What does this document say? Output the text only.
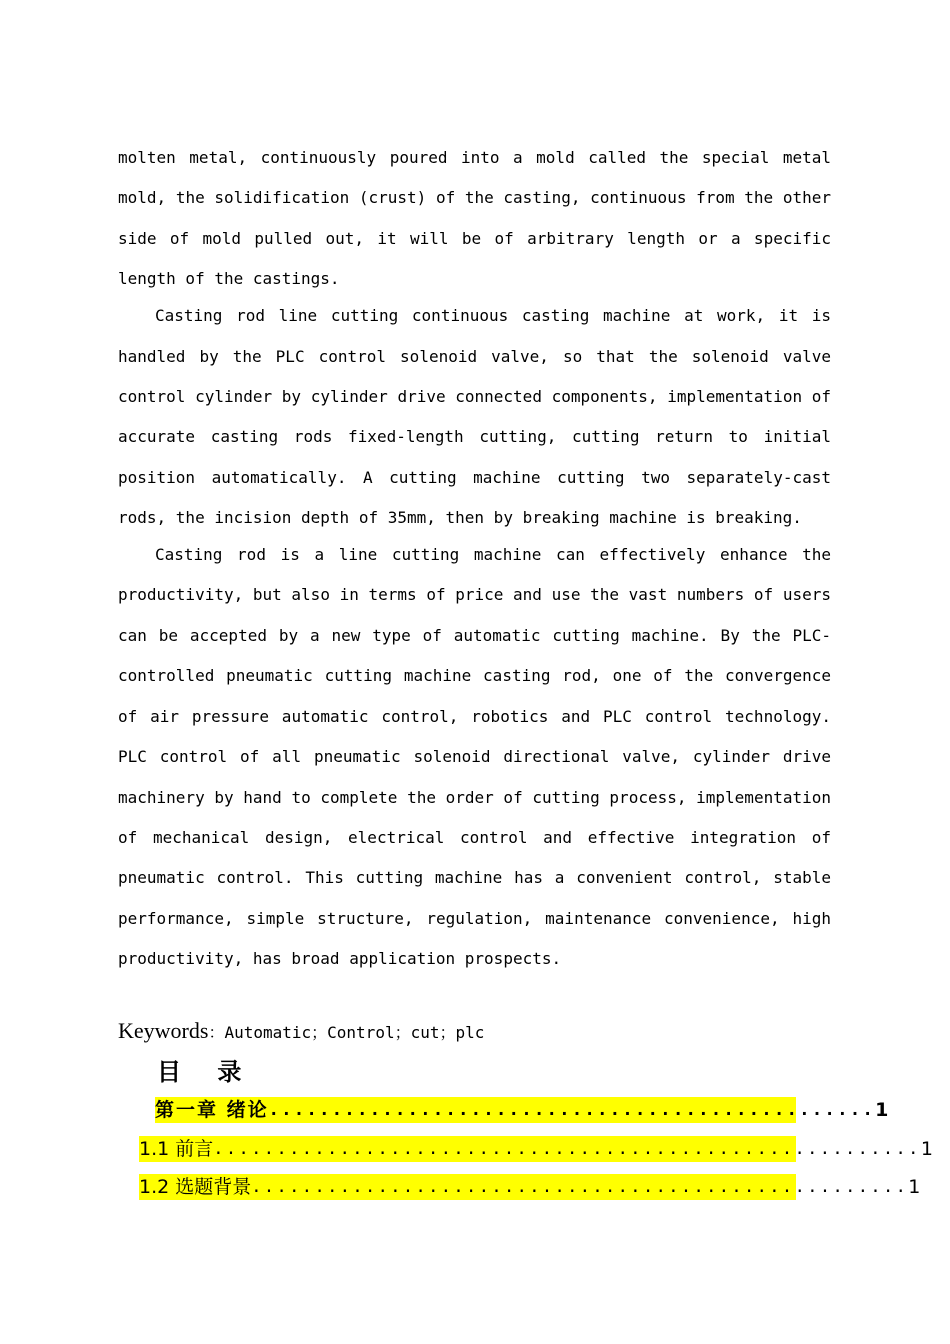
molten metal, continuously poured into a mold called the special metal mold, the solidification (crust) of the casting, continuous from the other side of mold pulled out, it will be of arbitrary length or a specific length of the castings.

Casting rod line cutting continuous casting machine at work, it is handled by the PLC control solenoid valve, so that the solenoid valve control cylinder by cylinder drive connected components, implementation of accurate casting rods fixed-length cutting, cutting return to initial position automatically. A cutting machine cutting two separately-cast rods, the incision depth of 35mm, then by breaking machine is breaking.

Casting rod is a line cutting machine can effectively enhance the productivity, but also in terms of price and use the vast numbers of users can be accepted by a new type of automatic cutting machine. By the PLC-controlled pneumatic cutting machine casting rod, one of the convergence of air pressure automatic control, robotics and PLC control technology. PLC control of all pneumatic solenoid directional valve, cylinder drive machinery by hand to complete the order of cutting process, implementation of mechanical design, electrical control and effective integration of pneumatic control. This cutting machine has a convenient control, stable performance, simple structure, regulation, maintenance convenience, high productivity, has broad application prospects.

Keywords：Automatic；Control；cut；plc
目 录
第一章 绪论 ................................................ 1
1.1 前言 ........................................................ 1
1.2 选题背景 .................................................... 1
